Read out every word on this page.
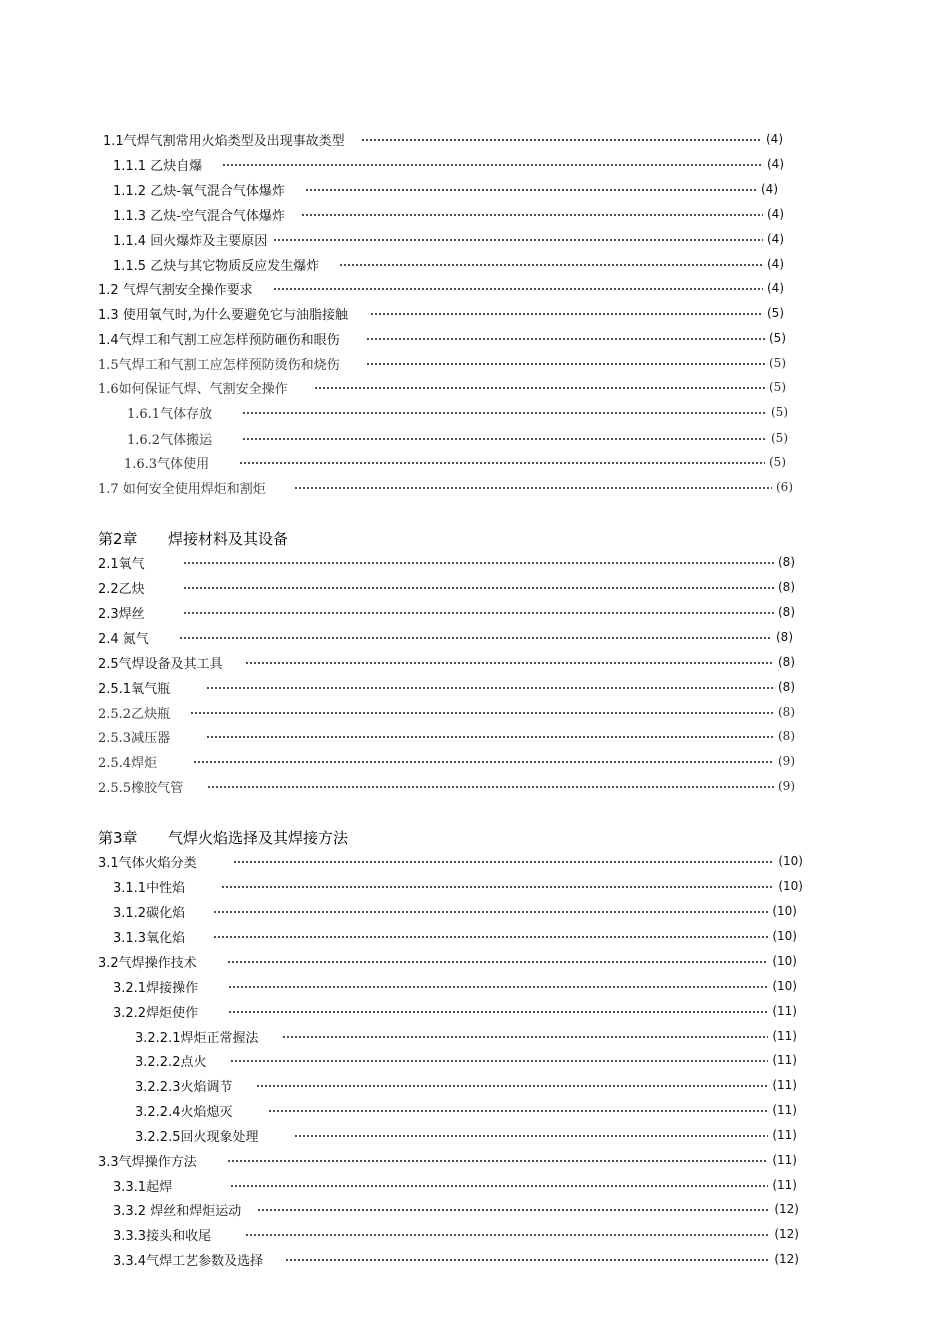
1.1气焊气割常用火焰类型及出现事故类型	(4)
1.1.1 乙炔自爆	(4)
1.1.2 乙炔-氧气混合气体爆炸	(4)
1.1.3 乙炔-空气混合气体爆炸	(4)
1.1.4 回火爆炸及主要原因	(4)
1.1.5 乙炔与其它物质反应发生爆炸	(4)
1.2 气焊气割安全操作要求	(4)
1.3 使用氧气时,为什么要避免它与油脂接触	(5)
1.4气焊工和气割工应怎样预防砸伤和眼伤	(5)
1.5气焊工和气割工应怎样预防烫伤和烧伤	(5)
1.6如何保证气焊、气割安全操作	(5)
1.6.1气体存放	(5)
1.6.2气体搬运	(5)
1.6.3气体使用	(5)
1.7 如何安全使用焊炬和割炬	(6)
第2章	焊接材料及其设备
2.1氧气	(8)
2.2乙炔	(8)
2.3焊丝	(8)
2.4 氮气	(8)
2.5气焊设备及其工具	(8)
2.5.1氧气瓶	(8)
2.5.2乙炔瓶	(8)
2.5.3减压器	(8)
2.5.4焊炬	(9)
2.5.5橡胶气管	(9)
第3章	气焊火焰选择及其焊接方法
3.1气体火焰分类	(10)
3.1.1中性焰	(10)
3.1.2碳化焰	(10)
3.1.3氧化焰	(10)
3.2气焊操作技术	(10)
3.2.1焊接操作	(10)
3.2.2焊炬使作	(11)
3.2.2.1焊炬正常握法	(11)
3.2.2.2点火	(11)
3.2.2.3火焰调节	(11)
3.2.2.4火焰熄灭	(11)
3.2.2.5回火现象处理	(11)
3.3气焊操作方法	(11)
3.3.1起焊	(11)
3.3.2 焊丝和焊炬运动	(12)
3.3.3接头和收尾	(12)
3.3.4气焊工艺参数及选择	(12)
